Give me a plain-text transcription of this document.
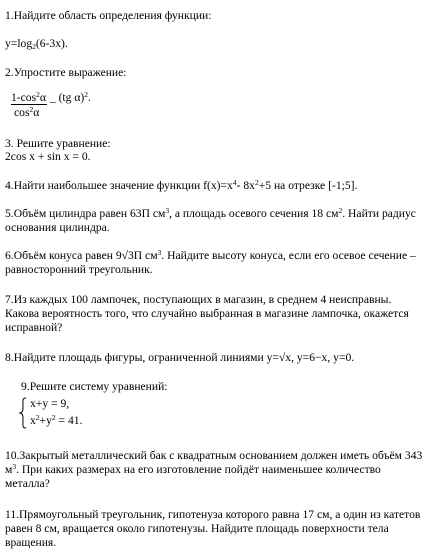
1.Найдите область определения функции:
$y=\log_2(6-3x)$.
2.Упростите выражение:
$1-\cos^2\alpha$ _ (tg α)$^2$.
$\cos^2\alpha$
3. Решите уравнение:
2cos x + sin x = 0.
4.Найти наибольшее значение функции $f(x)=x^4-$ $8x^2+5$ на отрезке [-1;5].
5.Объём цилиндра равен 63П $см^3$, а площадь осевого сечения 18 $см^2$. Найти радиус основания цилиндра.
6.Объём конуса равен 9√3П $см^3$. Найдите высоту конуса, если его осевое сечение – равносторонний треугольник.
7.Из каждых 100 лампочек, поступающих в магазин, в среднем 4 неисправны. Какова вероятность того, что случайно выбранная в магазине лампочка, окажется исправной?
8.Найдите площадь фигуры, ограниченной линиями y=√x, y=6−x, y=0.
9.Решите систему уравнений:
x+y = 9,
$x^2+y^2 = 41$.
10.Закрытый металлический бак с квадратным основанием должен иметь объём 343 $м^3$. При каких размерах на его изготовление пойдёт наименьшее количество металла?
11.Прямоугольный треугольник, гипотенуза которого равна 17 см, а один из катетов равен 8 см, вращается около гипотенузы. Найдите площадь поверхности тела вращения.
